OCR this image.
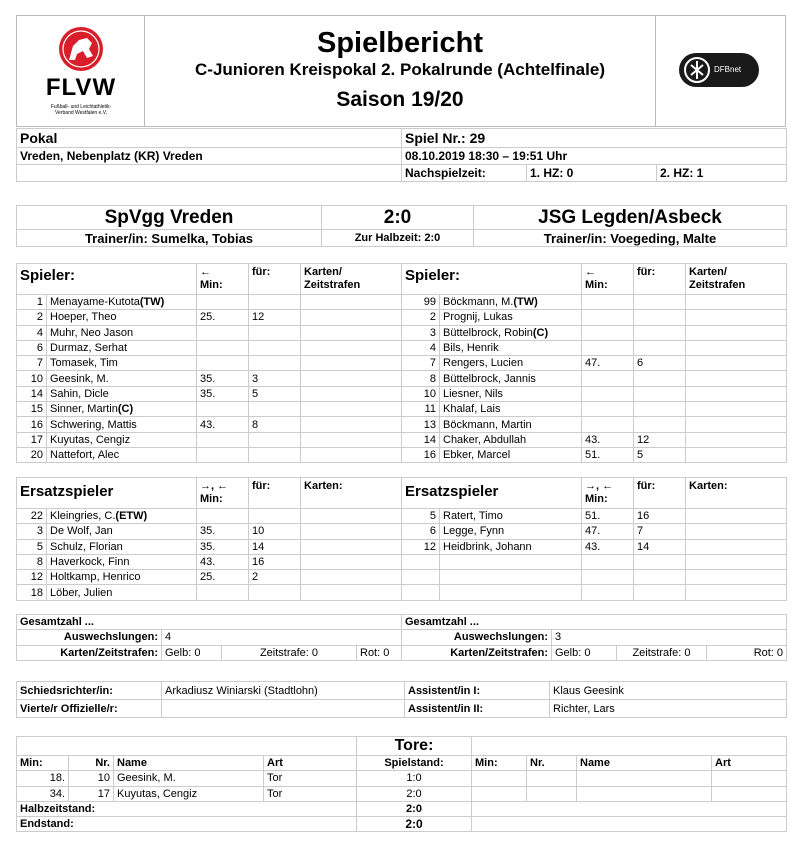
FLVW
Fußball- und Leichtathletik-Verband Westfalen e.V.
Spielbericht
C-Junioren Kreispokal 2. Pokalrunde (Achtelfinale)
Saison 19/20
DFBnet
Pokal	Spiel Nr.: 29		
Vreden, Nebenplatz (KR) Vreden	08.10.2019 18:30 – 19:51 Uhr		
	Nachspielzeit:	1. HZ: 0	2. HZ: 1
SpVgg Vreden	2:0	JSG Legden/Asbeck
Trainer/in: Sumelka, Tobias	Zur Halbzeit: 2:0	Trainer/in: Voegeding, Malte
Spieler:		←
Min:	für:	Karten/
Zeitstrafen
1	Menayame-Kutota(TW)			
2	Hoeper, Theo	25.	12	
4	Muhr, Neo Jason			
6	Durmaz, Serhat			
7	Tomasek, Tim			
10	Geesink, M.	35.	3	
14	Sahin, Dicle	35.	5	
15	Sinner, Martin(C)			
16	Schwering, Mattis	43.	8	
17	Kuyutas, Cengiz			
20	Nattefort, Alec			
Spieler:		←
Min:	für:	Karten/
Zeitstrafen
99	Böckmann, M.(TW)			
2	Prognij, Lukas			
3	Büttelbrock, Robin(C)			
4	Bils, Henrik			
7	Rengers, Lucien	47.	6	
8	Büttelbrock, Jannis			
10	Liesner, Nils			
11	Khalaf, Lais			
13	Böckmann, Martin			
14	Chaker, Abdullah	43.	12	
16	Ebker, Marcel	51.	5	
Ersatzspieler		→, ←
Min:	für:	Karten:
22	Kleingries, C.(ETW)			
3	De Wolf, Jan	35.	10	
5	Schulz, Florian	35.	14	
8	Haverkock, Finn	43.	16	
12	Holtkamp, Henrico	25.	2	
18	Löber, Julien			
Ersatzspieler		→, ←
Min:	für:	Karten:
5	Ratert, Timo	51.	16	
6	Legge, Fynn	47.	7	
12	Heidbrink, Johann	43.	14	

Gesamtzahl ...			
Auswechslungen:	4		
Karten/Zeitstrafen:	Gelb: 0	Zeitstrafe: 0	Rot: 0
Gesamtzahl ...			
Auswechslungen:	3		
Karten/Zeitstrafen:	Gelb: 0	Zeitstrafe: 0	Rot: 0
Schiedsrichter/in:	Arkadiusz Winiarski (Stadtlohn)	Assistent/in I:	Klaus Geesink
Vierte/r Offizielle/r:		Assistent/in II:	Richter, Lars
				Tore:				
Min:	Nr.	Name	Art	Spielstand:	Min:	Nr.	Name	Art
18.	10	Geesink, M.	Tor	1:0				
34.	17	Kuyutas, Cengiz	Tor	2:0				
Halbzeitstand:				2:0				
Endstand:				2:0				
